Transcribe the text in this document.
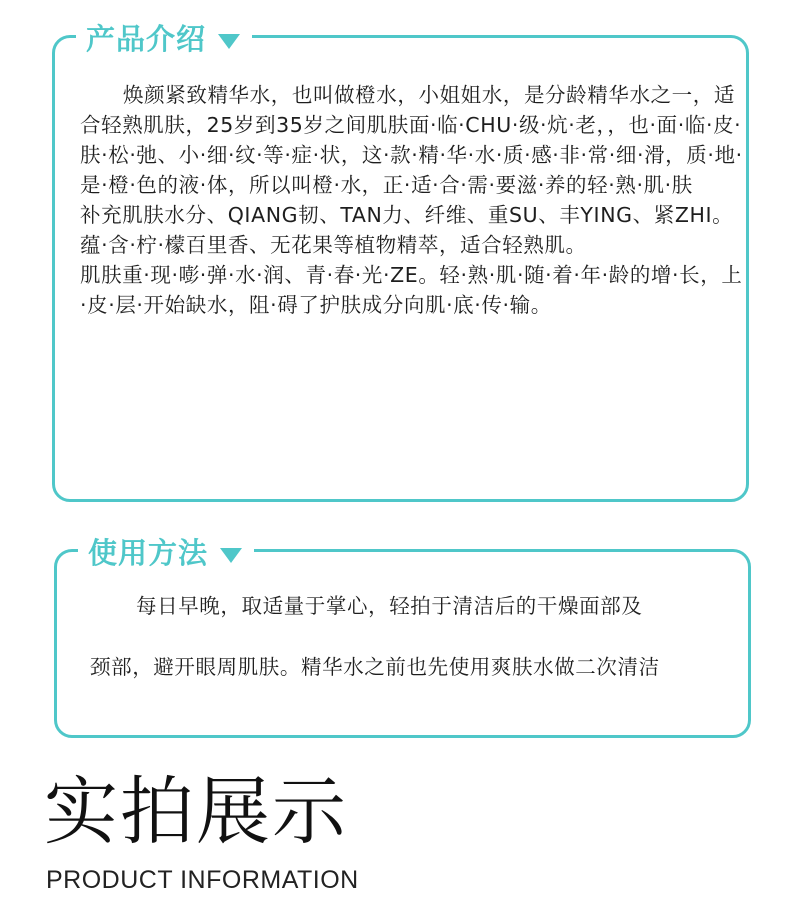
产品介绍

焕颜紧致精华水，也叫做橙水，小姐姐水，是分龄精华水之一，适合轻熟肌肤，25岁到35岁之间肌肤面·临·CHU·级·炕·老，，也·面·临·皮·肤·松·弛、小·细·纹·等·症·状，这·款·精·华·水·质·感·非·常·细·滑，质·地·是·橙·色的液·体，所以叫橙·水，正·适·合·需·要滋·养的轻·熟·肌·肤

补充肌肤水分、QIANG韧、TAN力、纤维、重SU、丰YING、紧ZHI。

蕴·含·柠·檬百里香、无花果等植物精萃，适合轻熟肌。

肌肤重·现·嘭·弹·水·润、青·春·光·ZE。轻·熟·肌·随·着·年·龄的增·长，上·皮·层·开始缺水，阻·碍了护肤成分向肌·底·传·输。

使用方法
每日早晚，取适量于掌心，轻拍于清洁后的干燥面部及
颈部，避开眼周肌肤。精华水之前也先使用爽肤水做二次清洁
实拍展示
PRODUCT INFORMATION
